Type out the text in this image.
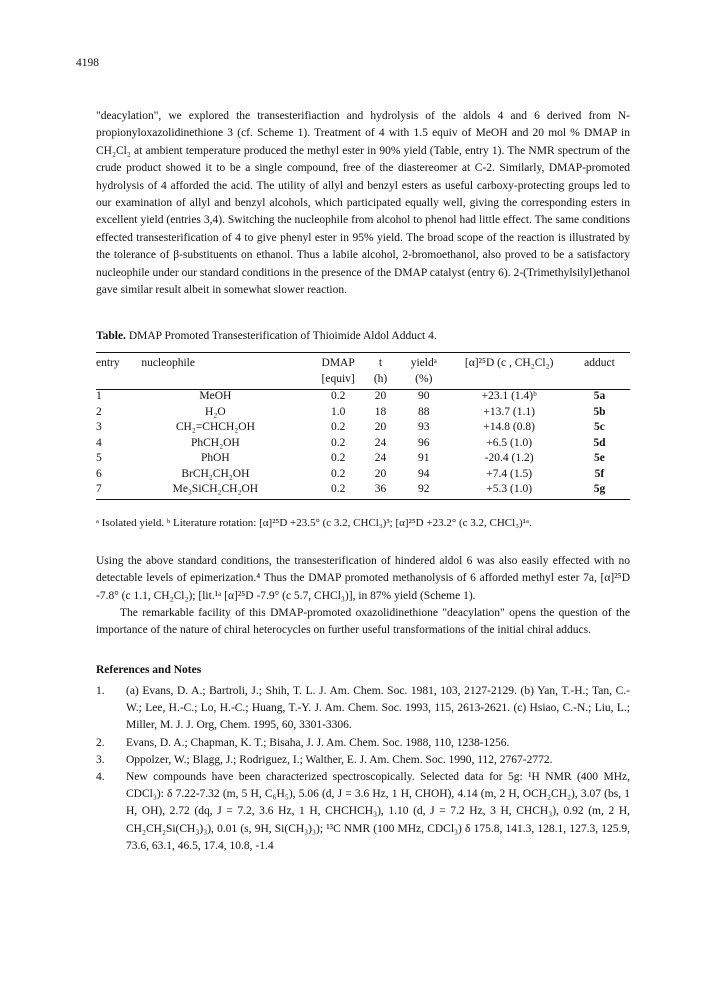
4198

"deacylation", we explored the transesterifiaction and hydrolysis of the aldols 4 and 6 derived from N-propionyloxazolidinethione 3 (cf. Scheme 1). Treatment of 4 with 1.5 equiv of MeOH and 20 mol % DMAP in CH₂Cl₂ at ambient temperature produced the methyl ester in 90% yield (Table, entry 1). The NMR spectrum of the crude product showed it to be a single compound, free of the diastereomer at C-2. Similarly, DMAP-promoted hydrolysis of 4 afforded the acid. The utility of allyl and benzyl esters as useful carboxy-protecting groups led to our examination of allyl and benzyl alcohols, which participated equally well, giving the corresponding esters in excellent yield (entries 3,4). Switching the nucleophile from alcohol to phenol had little effect. The same conditions effected transesterification of 4 to give phenyl ester in 95% yield. The broad scope of the reaction is illustrated by the tolerance of β-substituents on ethanol. Thus a labile alcohol, 2-bromoethanol, also proved to be a satisfactory nucleophile under our standard conditions in the presence of the DMAP catalyst (entry 6). 2-(Trimethylsilyl)ethanol gave similar result albeit in somewhat slower reaction.

Table. DMAP Promoted Transesterification of Thioimide Aldol Adduct 4.
entry	nucleophile	DMAP	t	yieldᵃ	[α]²⁵D (c , CH₂Cl₂)	adduct
		[equiv]	(h)	(%)		
1	MeOH	0.2	20	90	+23.1 (1.4)ᵇ	5a
2	H₂O	1.0	18	88	+13.7 (1.1)	5b
3	CH₂=CHCH₂OH	0.2	20	93	+14.8 (0.8)	5c
4	PhCH₂OH	0.2	24	96	+6.5 (1.0)	5d
5	PhOH	0.2	24	91	-20.4 (1.2)	5e
6	BrCH₂CH₂OH	0.2	20	94	+7.4 (1.5)	5f
7	Me₃SiCH₂CH₂OH	0.2	36	92	+5.3 (1.0)	5g
ᵃ Isolated yield. ᵇ Literature rotation: [α]²⁵D +23.5° (c 3.2, CHCl₃)³; [α]²⁵D +23.2° (c 3.2, CHCl₃)¹ᵃ.

Using the above standard conditions, the transesterification of hindered aldol 6 was also easily effected with no detectable levels of epimerization.⁴ Thus the DMAP promoted methanolysis of 6 afforded methyl ester 7a, [α]²⁵D -7.8° (c 1.1, CH₂Cl₂); [lit.¹ᵃ [α]²⁵D -7.9° (c 5.7, CHCl₃)], in 87% yield (Scheme 1).

The remarkable facility of this DMAP-promoted oxazolidinethione "deacylation" opens the question of the importance of the nature of chiral heterocycles on further useful transformations of the initial chiral adducs.

References and Notes
1.	(a) Evans, D. A.; Bartroli, J.; Shih, T. L. J. Am. Chem. Soc. 1981, 103, 2127-2129. (b) Yan, T.-H.; Tan, C.-W.; Lee, H.-C.; Lo, H.-C.; Huang, T.-Y. J. Am. Chem. Soc. 1993, 115, 2613-2621. (c) Hsiao, C.-N.; Liu, L.; Miller, M. J. J. Org, Chem. 1995, 60, 3301-3306.
2.	Evans, D. A.; Chapman, K. T.; Bisaha, J. J. Am. Chem. Soc. 1988, 110, 1238-1256.
3.	Oppolzer, W.; Blagg, J.; Rodriguez, I.; Walther, E. J. Am. Chem. Soc. 1990, 112, 2767-2772.
4.	New compounds have been characterized spectroscopically. Selected data for 5g: ¹H NMR (400 MHz, CDCl₃): δ 7.22-7.32 (m, 5 H, C₆H₅), 5.06 (d, J = 3.6 Hz, 1 H, CHOH), 4.14 (m, 2 H, OCH₂CH₂), 3.07 (bs, 1 H, OH), 2.72 (dq, J = 7.2, 3.6 Hz, 1 H, CHCHCH₃), 1.10 (d, J = 7.2 Hz, 3 H, CHCH₃), 0.92 (m, 2 H, CH₂CH₂Si(CH₃)₃), 0.01 (s, 9H, Si(CH₃)₃); ¹³C NMR (100 MHz, CDCl₃) δ 175.8, 141.3, 128.1, 127.3, 125.9, 73.6, 63.1, 46.5, 17.4, 10.8, -1.4
